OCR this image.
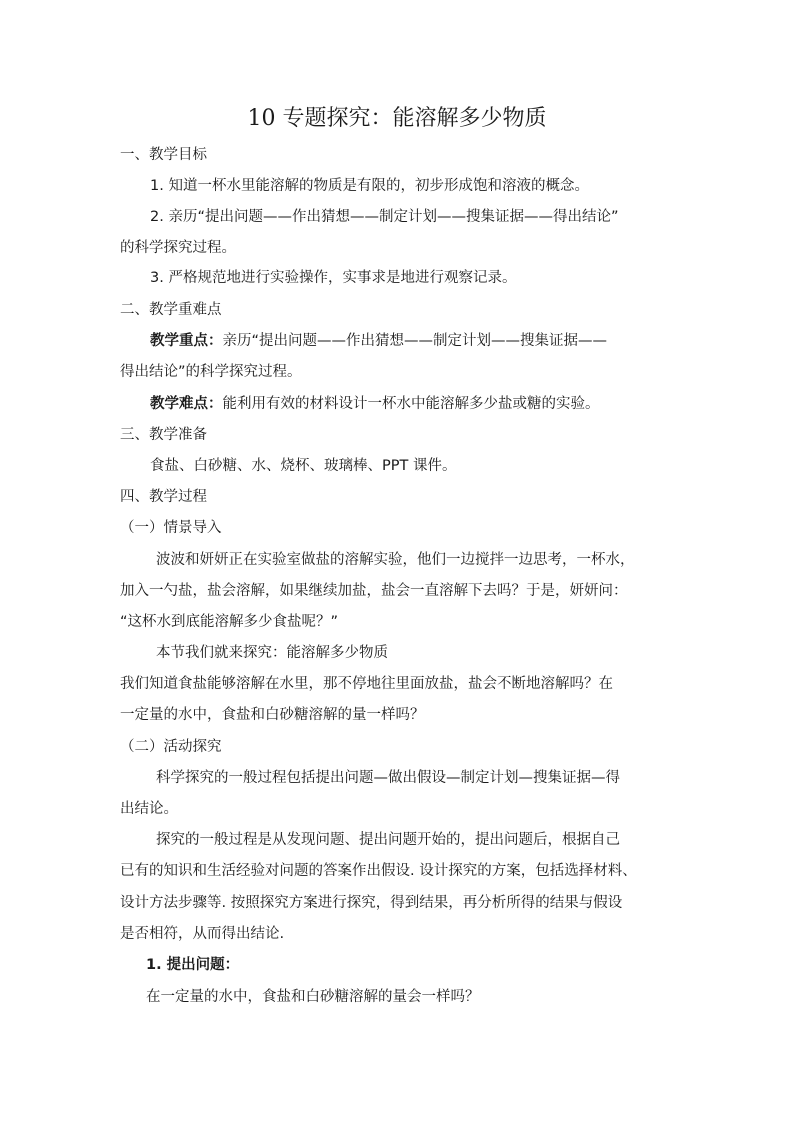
10 专题探究：能溶解多少物质
一、教学目标
1. 知道一杯水里能溶解的物质是有限的，初步形成饱和溶液的概念。
2. 亲历“提出问题——作出猜想——制定计划——搜集证据——得出结论”
的科学探究过程。
3. 严格规范地进行实验操作，实事求是地进行观察记录。
二、教学重难点
教学重点：亲历“提出问题——作出猜想——制定计划——搜集证据——
得出结论”的科学探究过程。
教学难点：能利用有效的材料设计一杯水中能溶解多少盐或糖的实验。
三、教学准备
食盐、白砂糖、水、烧杯、玻璃棒、PPT 课件。
四、教学过程
（一）情景导入
波波和妍妍正在实验室做盐的溶解实验，他们一边搅拌一边思考，一杯水，
加入一勺盐，盐会溶解，如果继续加盐，盐会一直溶解下去吗？于是，妍妍问：
“这杯水到底能溶解多少食盐呢？”
本节我们就来探究：能溶解多少物质
我们知道食盐能够溶解在水里，那不停地往里面放盐，盐会不断地溶解吗？在
一定量的水中，食盐和白砂糖溶解的量一样吗？
（二）活动探究
科学探究的一般过程包括提出问题—做出假设—制定计划—搜集证据—得
出结论。
探究的一般过程是从发现问题、提出问题开始的，提出问题后，根据自己
已有的知识和生活经验对问题的答案作出假设. 设计探究的方案，包括选择材料、
设计方法步骤等. 按照探究方案进行探究，得到结果，再分析所得的结果与假设
是否相符，从而得出结论.
1. 提出问题：
在一定量的水中，食盐和白砂糖溶解的量会一样吗？
